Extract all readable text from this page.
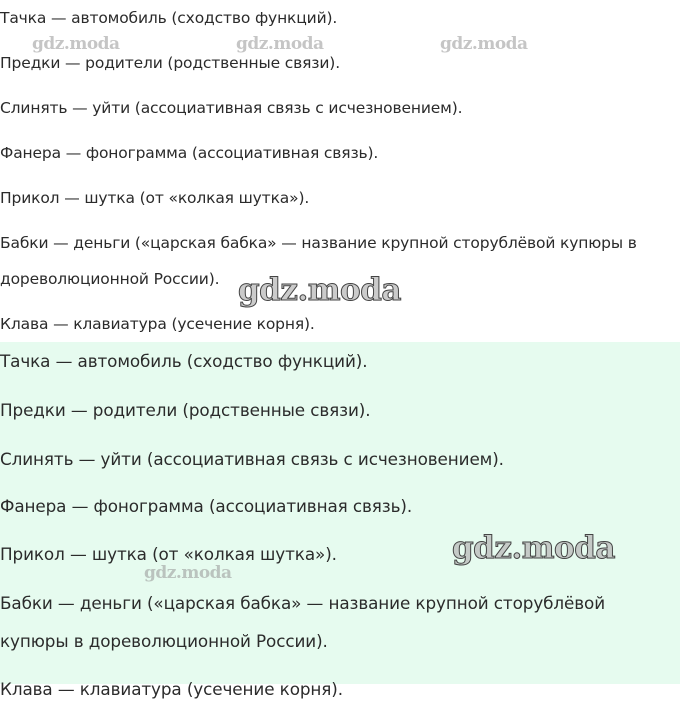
Тачка — автомобиль (сходство функций).
Предки — родители (родственные связи).
Слинять — уйти (ассоциативная связь с исчезновением).
Фанера — фонограмма (ассоциативная связь).
Прикол — шутка (от «колкая шутка»).
Бабки — деньги («царская бабка» — название крупной сторублёвой купюры в
дореволюционной России).
Клава — клавиатура (усечение корня).
Тачка — автомобиль (сходство функций).
Предки — родители (родственные связи).
Слинять — уйти (ассоциативная связь с исчезновением).
Фанера — фонограмма (ассоциативная связь).
Прикол — шутка (от «колкая шутка»).
Бабки — деньги («царская бабка» — название крупной сторублёвой
купюры в дореволюционной России).
Клава — клавиатура (усечение корня).
gdz.moda	gdz.moda	gdz.moda
gdz.moda
gdz.moda
gdz.moda
